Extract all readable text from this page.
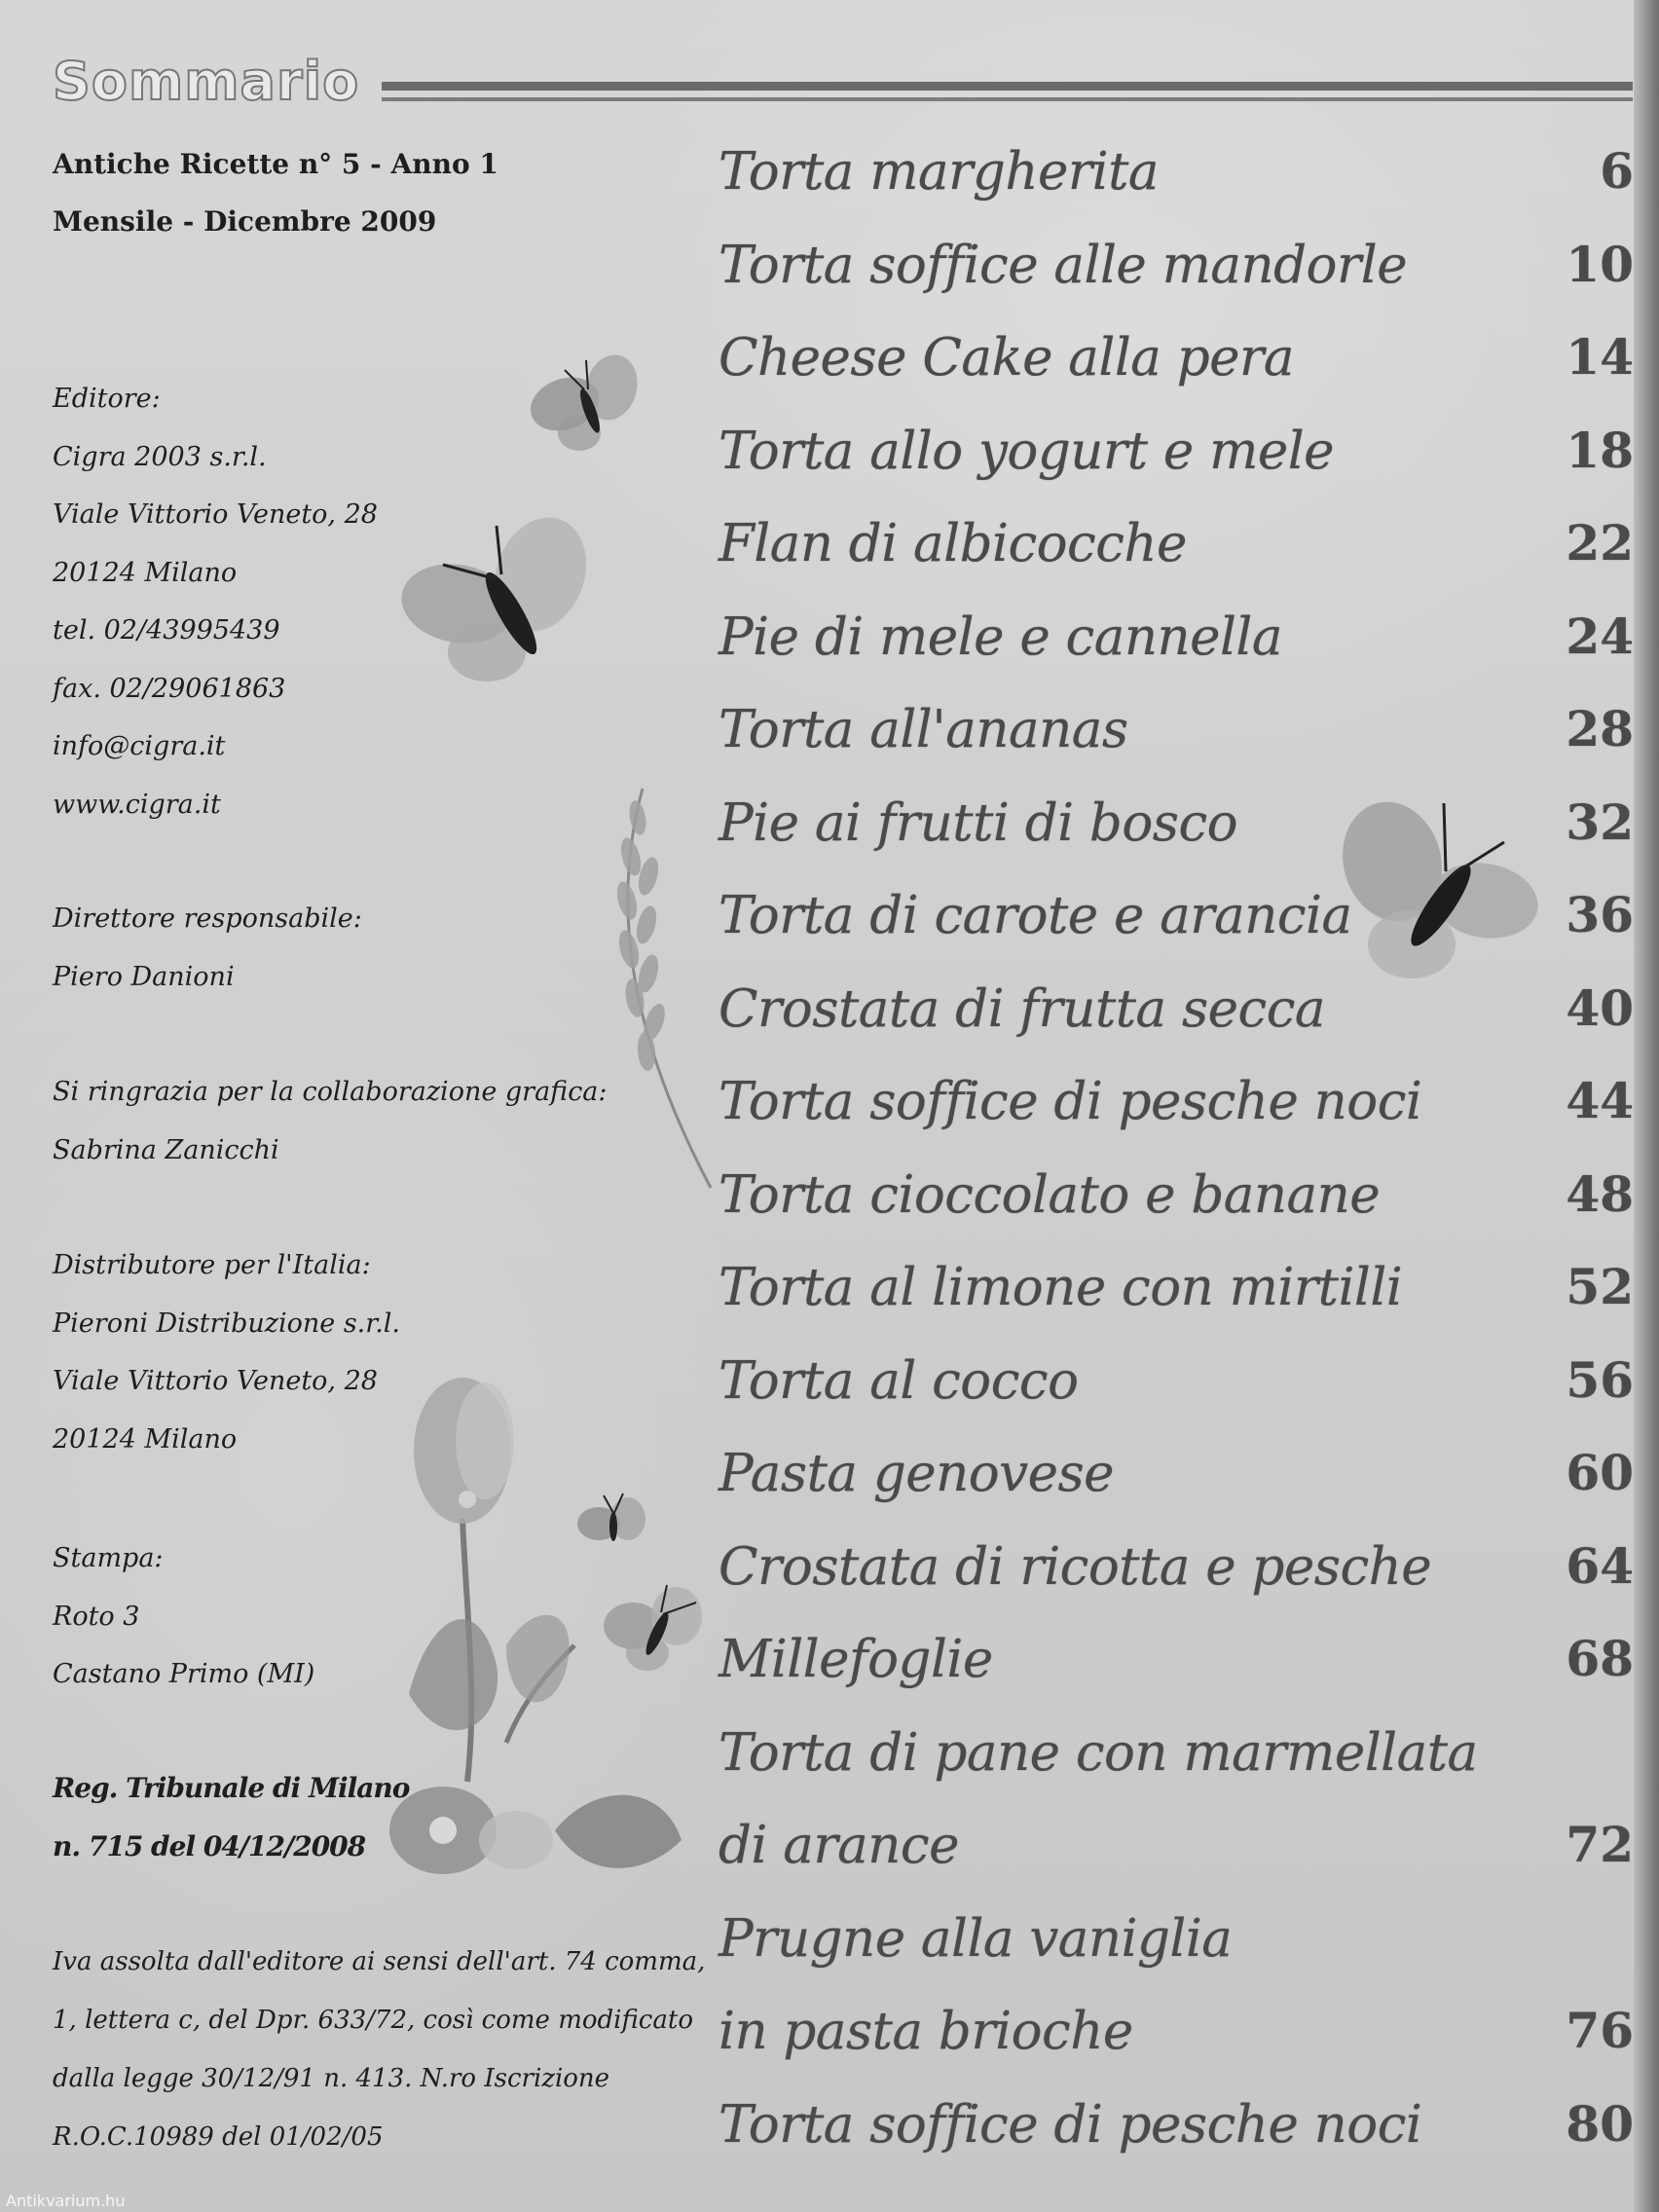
Sommario
Antiche Ricette n° 5 - Anno 1
Mensile - Dicembre 2009
Editore:
Cigra 2003 s.r.l.
Viale Vittorio Veneto, 28
20124 Milano
tel. 02/43995439
fax. 02/29061863
info@cigra.it
www.cigra.it
Direttore responsabile:
Piero Danioni
Si ringrazia per la collaborazione grafica:
Sabrina Zanicchi
Distributore per l'Italia:
Pieroni Distribuzione s.r.l.
Viale Vittorio Veneto, 28
20124 Milano
Stampa:
Roto 3
Castano Primo (MI)
Reg. Tribunale di Milano
n. 715 del 04/12/2008
Iva assolta dall'editore ai sensi dell'art. 74 comma,
1, lettera c, del Dpr. 633/72, così come modificato
dalla legge 30/12/91 n. 413. N.ro Iscrizione
R.O.C.10989 del 01/02/05
Torta margherita	6
Torta soffice alle mandorle	10
Cheese Cake alla pera	14
Torta allo yogurt e mele	18
Flan di albicocche	22
Pie di mele e cannella	24
Torta all'ananas	28
Pie ai frutti di bosco	32
Torta di carote e arancia	36
Crostata di frutta secca	40
Torta soffice di pesche noci	44
Torta cioccolato e banane	48
Torta al limone con mirtilli	52
Torta al cocco	56
Pasta genovese	60
Crostata di ricotta e pesche	64
Millefoglie	68
Torta di pane con marmellata
di arance	72
Prugne alla vaniglia
in pasta brioche	76
Torta soffice di pesche noci	80
Antikvarium.hu
